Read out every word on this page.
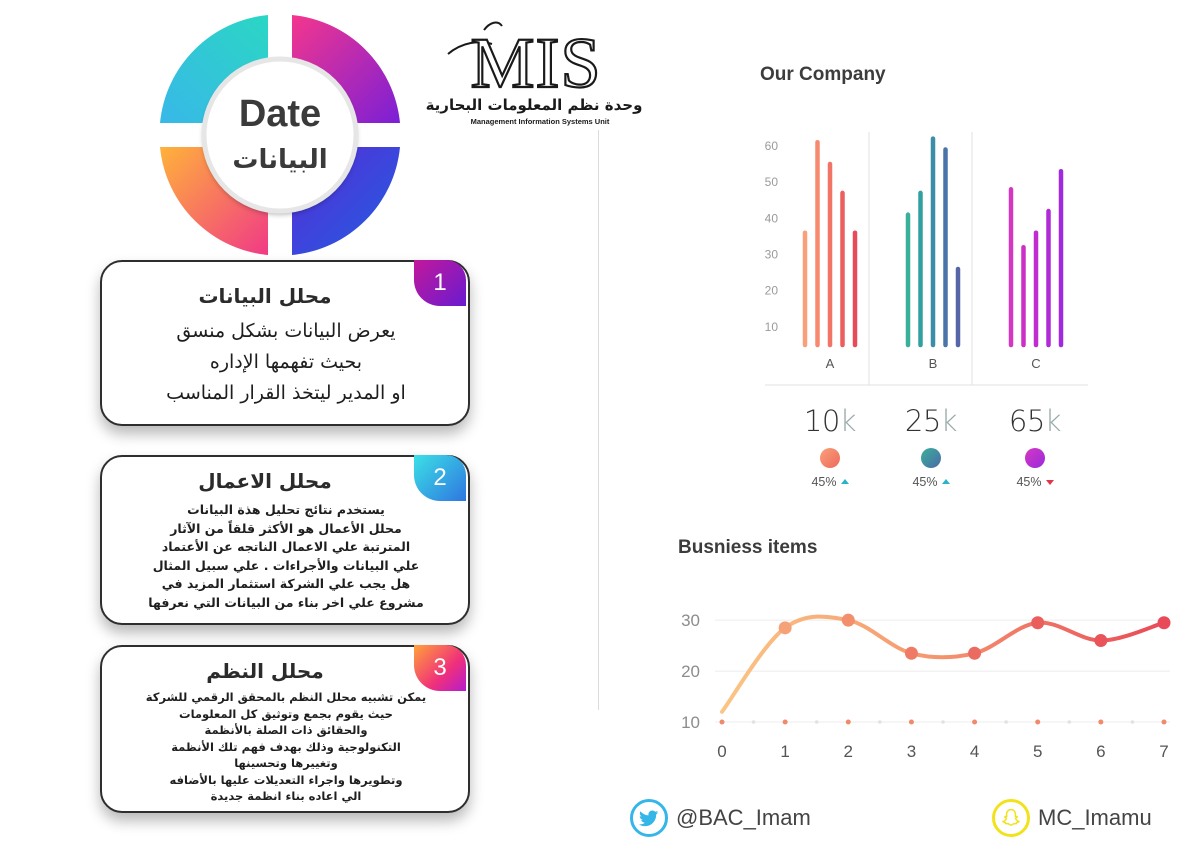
Date
البيانات
MIS
وحدة نظم المعلومات البحارية
Management Information Systems Unit
1
محلل البيانات
يعرض البيانات بشكل منسق
بحيث تفهمها الإداره
او المدير ليتخذ القرار المناسب
2
محلل الاعمال
يستخدم نتائج تحليل هذة البيانات
محلل الأعمال هو الأكثر قلقاً من الآثار
المترتبة علي الاعمال الناتجه عن الأعتماد
علي البيانات والأجراءات . علي سبيل المثال
هل يجب علي الشركة استثمار المزيد في
مشروع علي اخر بناء من البيانات التي نعرفها
3
محلل النظم
يمكن تشبيه محلل النظم بالمحقق الرقمي للشركة
حيث يقوم بجمع وتوثيق كل المعلومات
والحقائق ذات الصلة بالأنظمة
التكنولوجية وذلك بهدف فهم تلك الأنظمة
وتغييرها وتحسينها
وتطويرها واجراء التعديلات عليها بالأضافه
الي اعاده بناء انظمة جديدة
Our Company
10
20
30
40
50
60
A	B	C
10k
45%
25k
45%
65k
45%
Busniess items
10
20
30
0	1	2	3	4	5	6	7
@BAC_Imam	MC_Imamu
